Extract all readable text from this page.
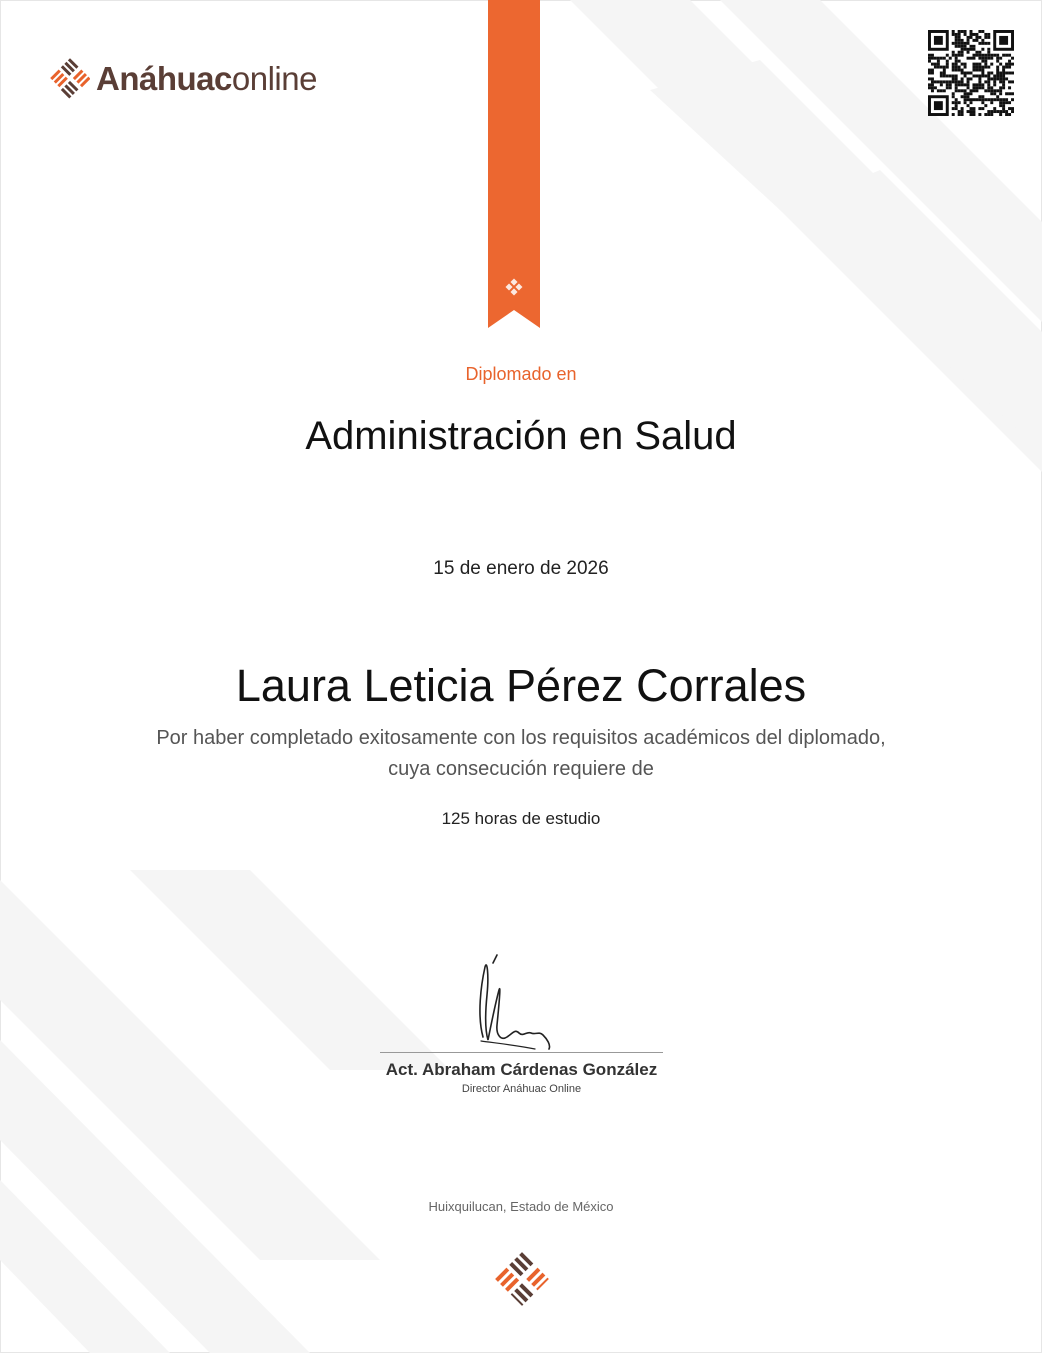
Anáhuaconline
Diplomado en
Administración en Salud
15 de enero de 2026
Laura Leticia Pérez Corrales
Por haber completado exitosamente con los requisitos académicos del diplomado,
cuya consecución requiere de
125 horas de estudio
Act. Abraham Cárdenas González
Director Anáhuac Online
Huixquilucan, Estado de México
